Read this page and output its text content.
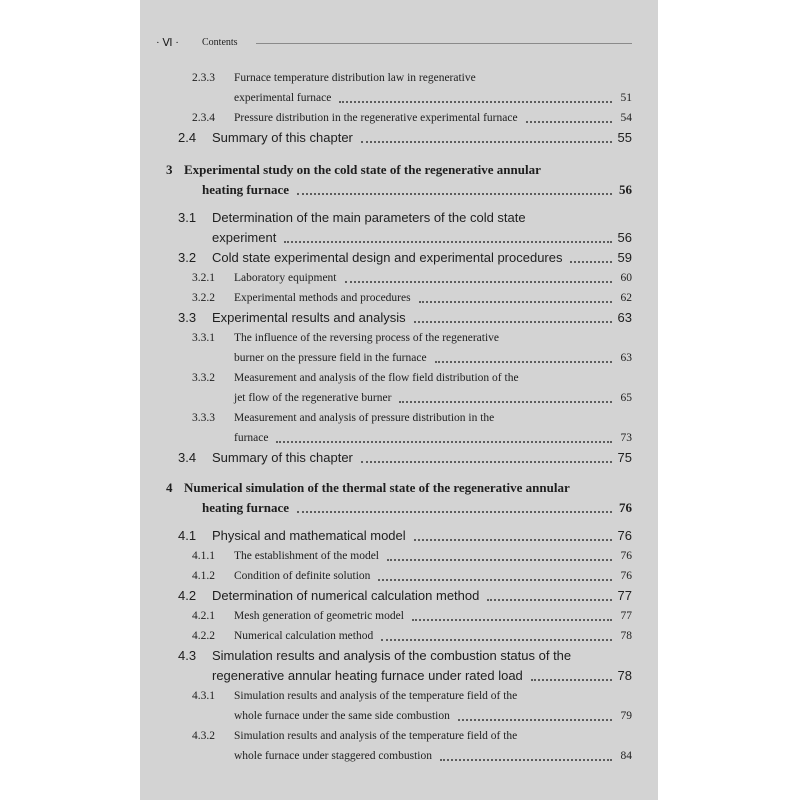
· Ⅵ · Contents
2.3.3 Furnace temperature distribution law in regenerative
experimental furnace	51
2.3.4 Pressure distribution in the regenerative experimental furnace	54
2.4 Summary of this chapter	55
3 Experimental study on the cold state of the regenerative annular
heating furnace	56
3.1 Determination of the main parameters of the cold state
experiment	56
3.2 Cold state experimental design and experimental procedures	59
3.2.1 Laboratory equipment	60
3.2.2 Experimental methods and procedures	62
3.3 Experimental results and analysis	63
3.3.1 The influence of the reversing process of the regenerative
burner on the pressure field in the furnace	63
3.3.2 Measurement and analysis of the flow field distribution of the
jet flow of the regenerative burner	65
3.3.3 Measurement and analysis of pressure distribution in the
furnace	73
3.4 Summary of this chapter	75
4 Numerical simulation of the thermal state of the regenerative annular
heating furnace	76
4.1 Physical and mathematical model	76
4.1.1 The establishment of the model	76
4.1.2 Condition of definite solution	76
4.2 Determination of numerical calculation method	77
4.2.1 Mesh generation of geometric model	77
4.2.2 Numerical calculation method	78
4.3 Simulation results and analysis of the combustion status of the
regenerative annular heating furnace under rated load	78
4.3.1 Simulation results and analysis of the temperature field of the
whole furnace under the same side combustion	79
4.3.2 Simulation results and analysis of the temperature field of the
whole furnace under staggered combustion	84
